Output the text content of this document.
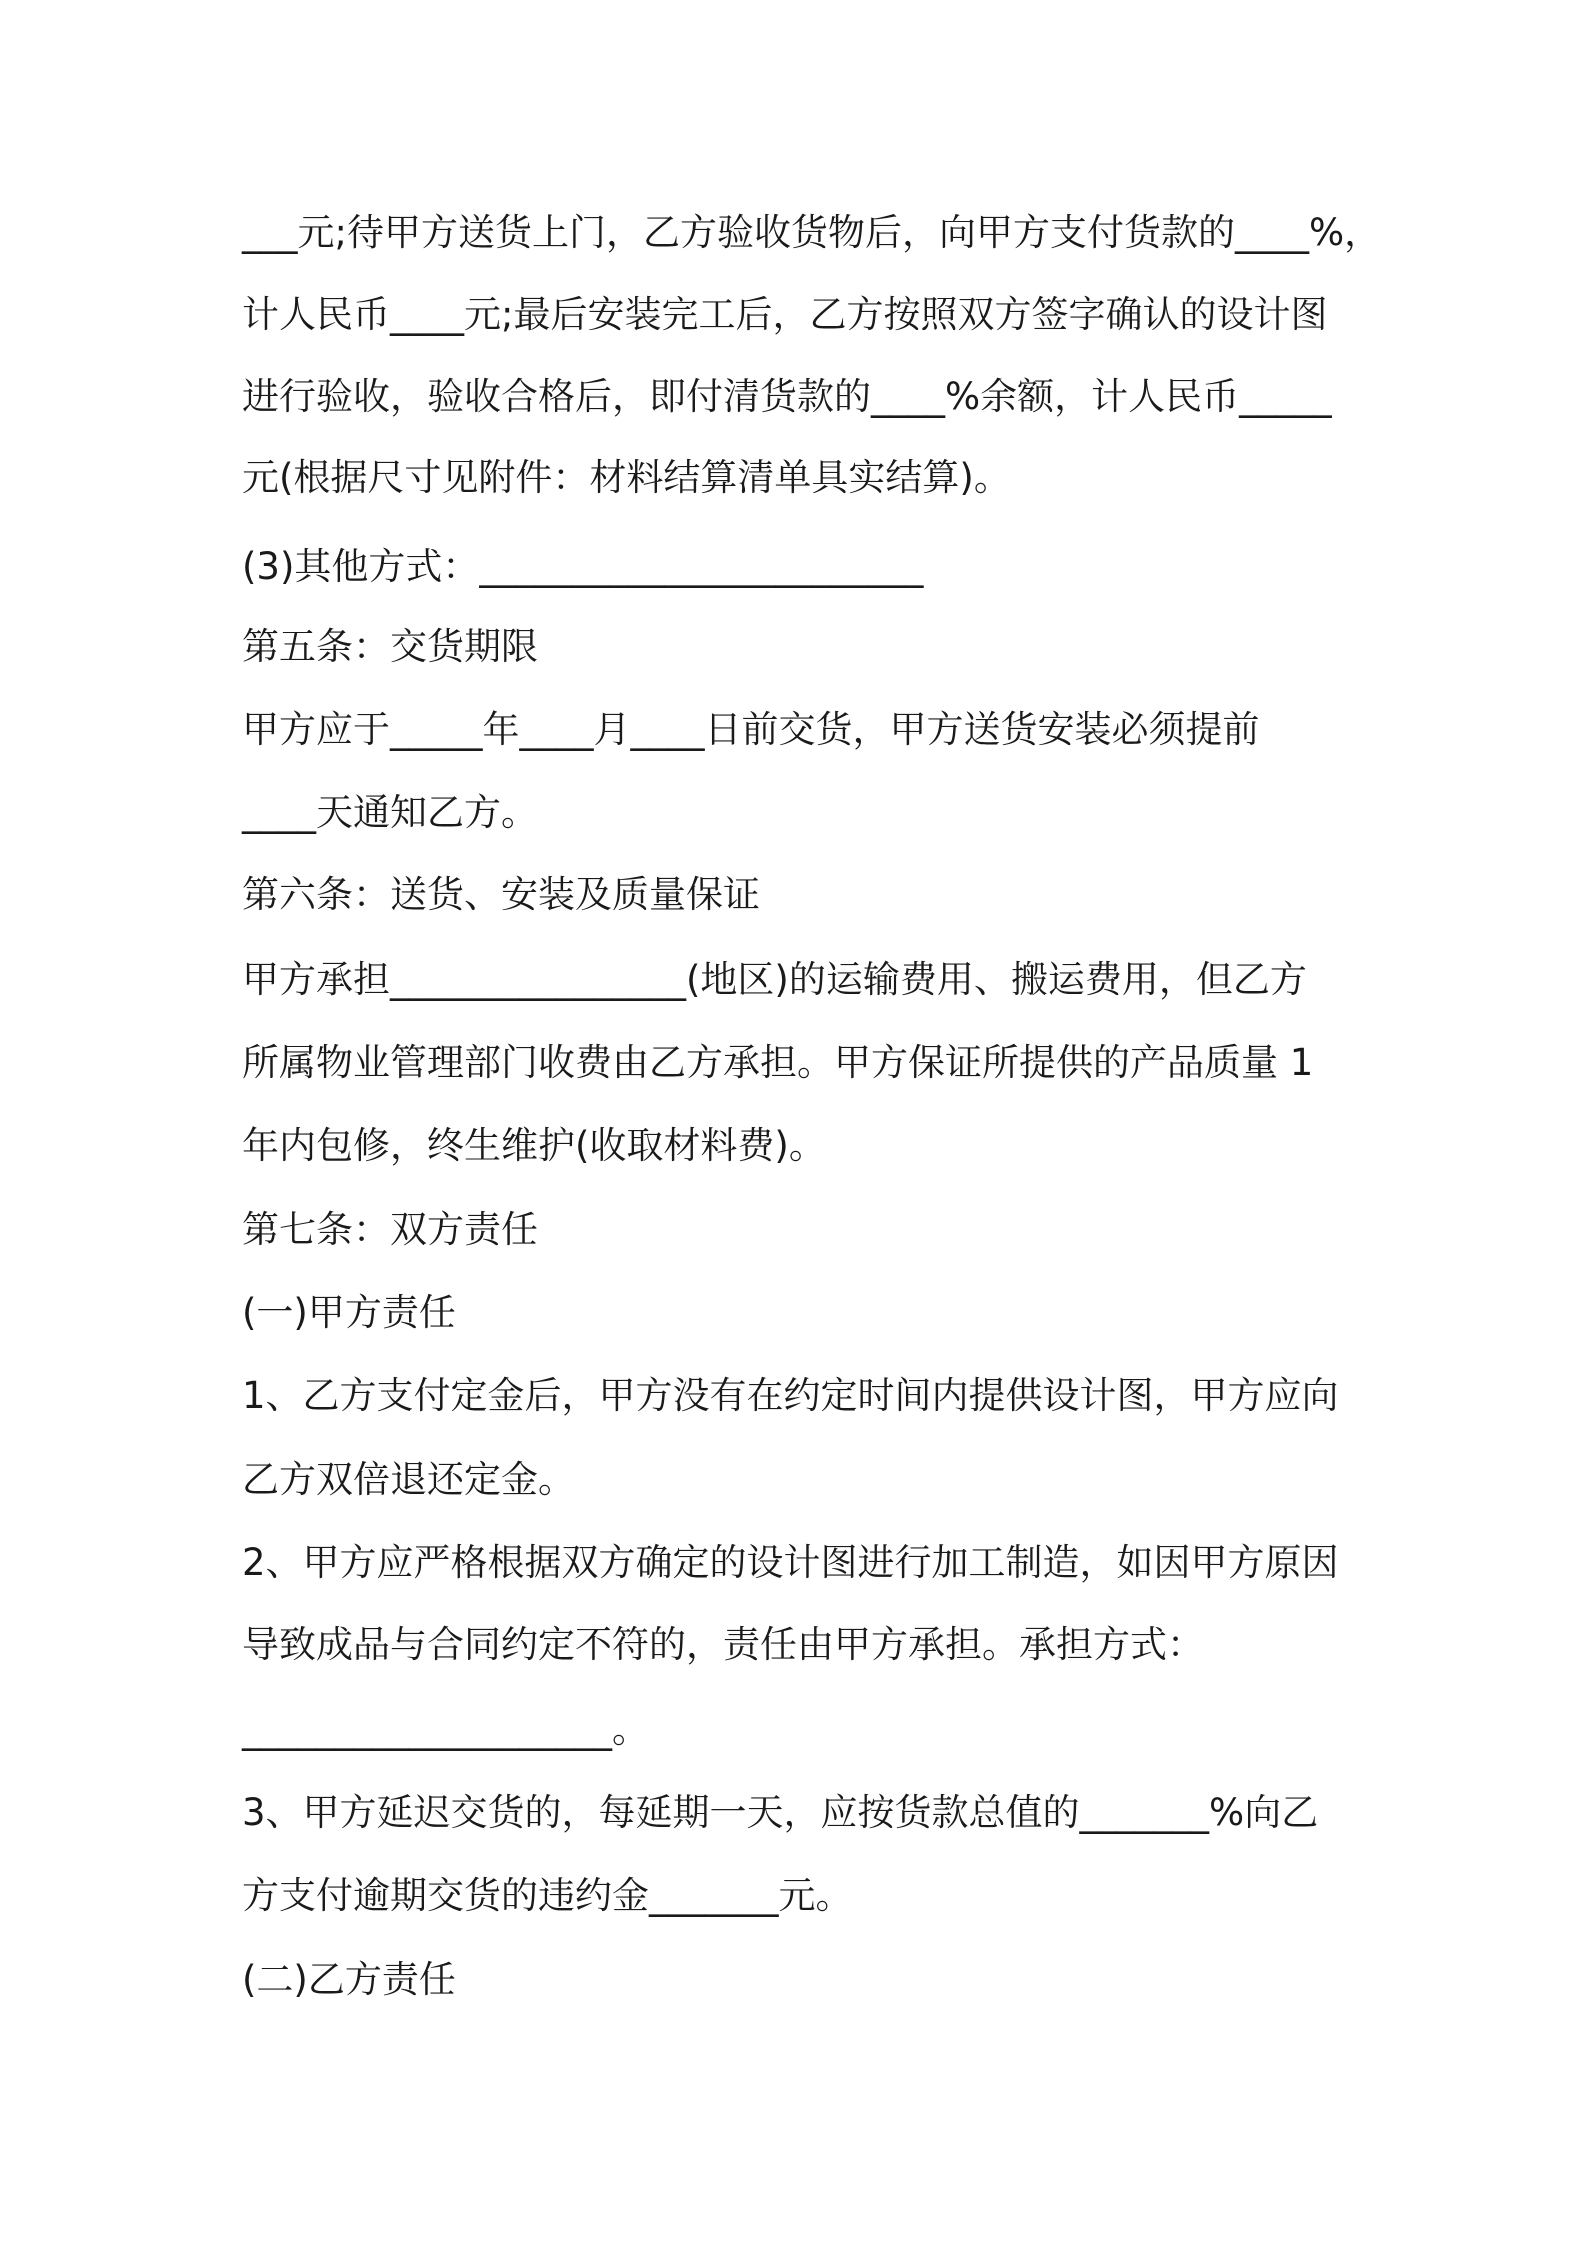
___元;待甲方送货上门，乙方验收货物后，向甲方支付货款的____%，
计人民币____元;最后安装完工后，乙方按照双方签字确认的设计图
进行验收，验收合格后，即付清货款的____%余额，计人民币_____
元(根据尺寸见附件：材料结算清单具实结算)。
(3)其他方式：________________________
第五条：交货期限
甲方应于_____年____月____日前交货，甲方送货安装必须提前
____天通知乙方。
第六条：送货、安装及质量保证
甲方承担________________(地区)的运输费用、搬运费用，但乙方
所属物业管理部门收费由乙方承担。甲方保证所提供的产品质量 1
年内包修，终生维护(收取材料费)。
第七条：双方责任
(一)甲方责任
1、乙方支付定金后，甲方没有在约定时间内提供设计图，甲方应向
乙方双倍退还定金。
2、甲方应严格根据双方确定的设计图进行加工制造，如因甲方原因
导致成品与合同约定不符的，责任由甲方承担。承担方式：
____________________。
3、甲方延迟交货的，每延期一天，应按货款总值的_______%向乙
方支付逾期交货的违约金_______元。
(二)乙方责任
